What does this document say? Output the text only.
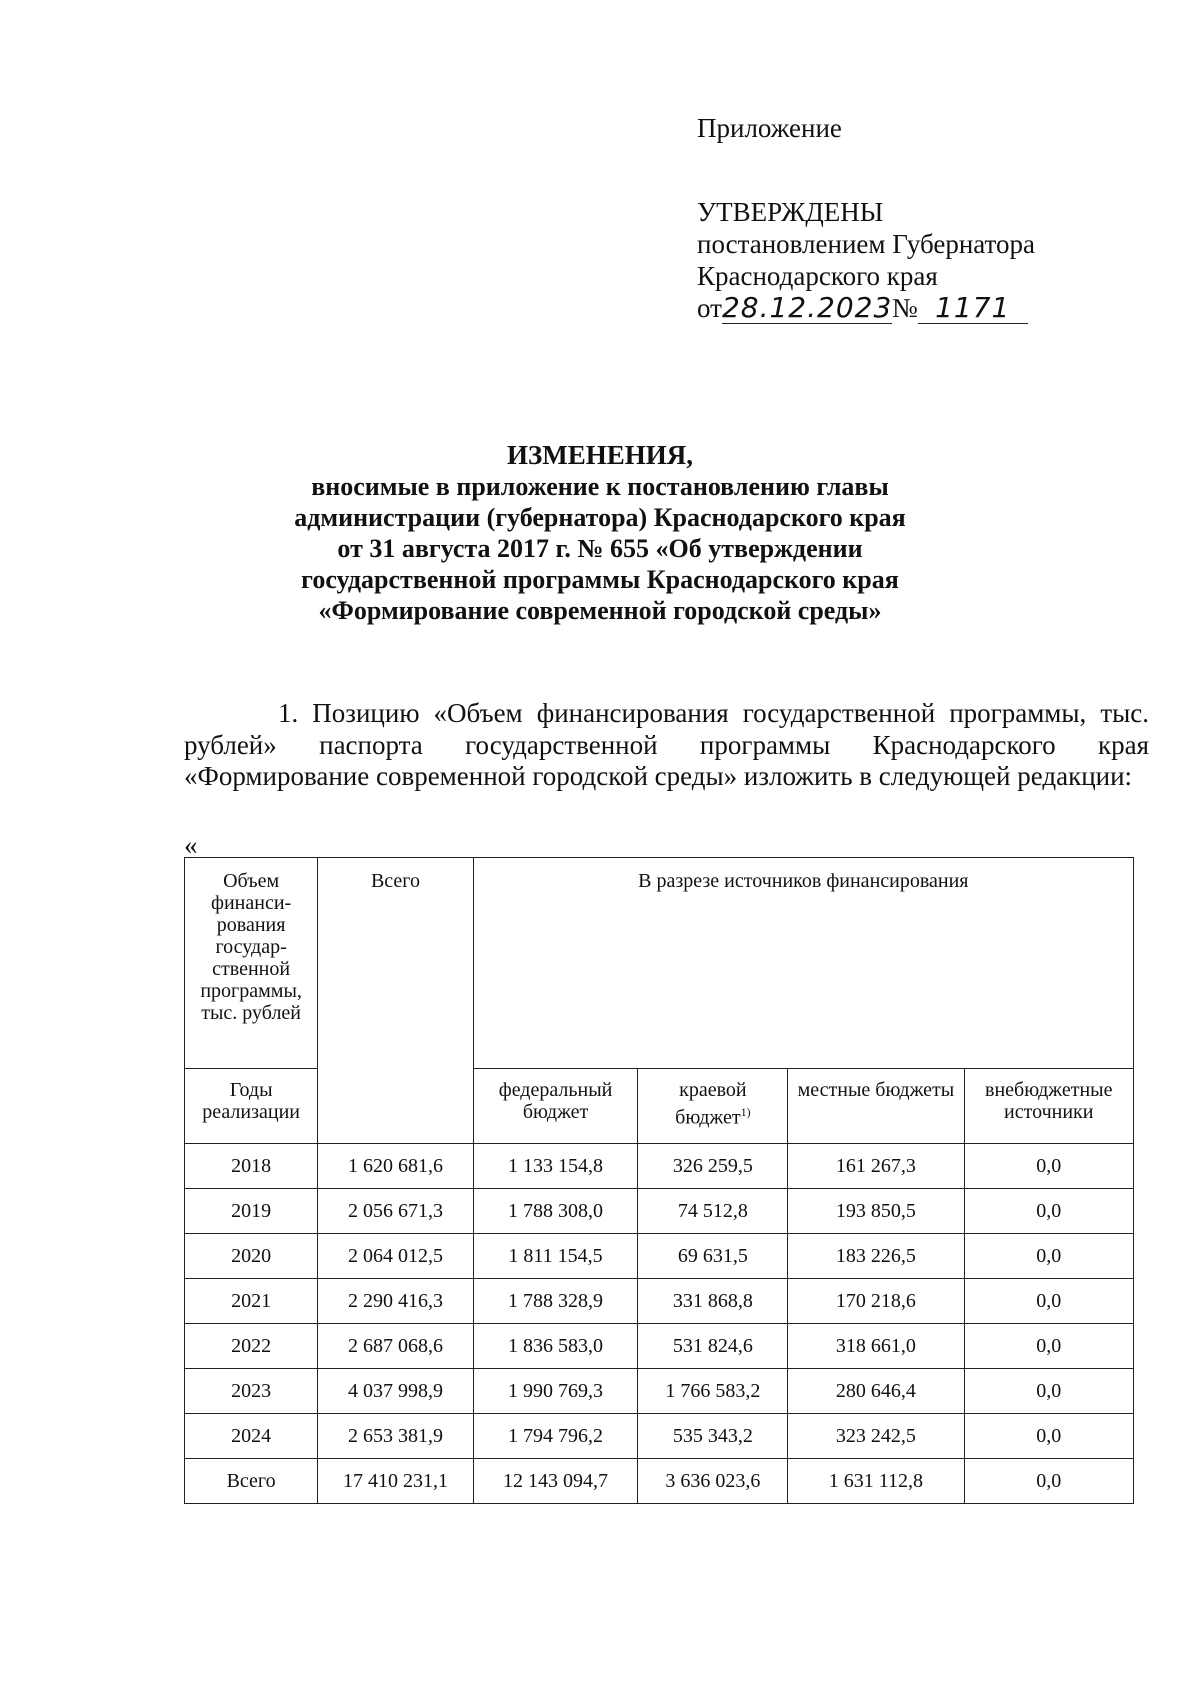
Приложение
УТВЕРЖДЕНЫ
постановлением Губернатора
Краснодарского края
от28.12.2023№ 1171
ИЗМЕНЕНИЯ,
вносимые в приложение к постановлению главы
администрации (губернатора) Краснодарского края
от 31 августа 2017 г. № 655 «Об утверждении
государственной программы Краснодарского края
«Формирование современной городской среды»
1. Позицию «Объем финансирования государственной программы, тыс. рублей» паспорта государственной программы Краснодарского края «Формирование современной городской среды» изложить в следующей редакции:
«
Объем финанси-рования государ-ственной программы, тыс. рублей	Всего	В разрезе источников финансирования			
Годы реализации		федеральный бюджет	краевой бюджет$^{1)}$	местные бюджеты	внебюджетные источники
2018	1 620 681,6	1 133 154,8	326 259,5	161 267,3	0,0
2019	2 056 671,3	1 788 308,0	74 512,8	193 850,5	0,0
2020	2 064 012,5	1 811 154,5	69 631,5	183 226,5	0,0
2021	2 290 416,3	1 788 328,9	331 868,8	170 218,6	0,0
2022	2 687 068,6	1 836 583,0	531 824,6	318 661,0	0,0
2023	4 037 998,9	1 990 769,3	1 766 583,2	280 646,4	0,0
2024	2 653 381,9	1 794 796,2	535 343,2	323 242,5	0,0
Всего	17 410 231,1	12 143 094,7	3 636 023,6	1 631 112,8	0,0
